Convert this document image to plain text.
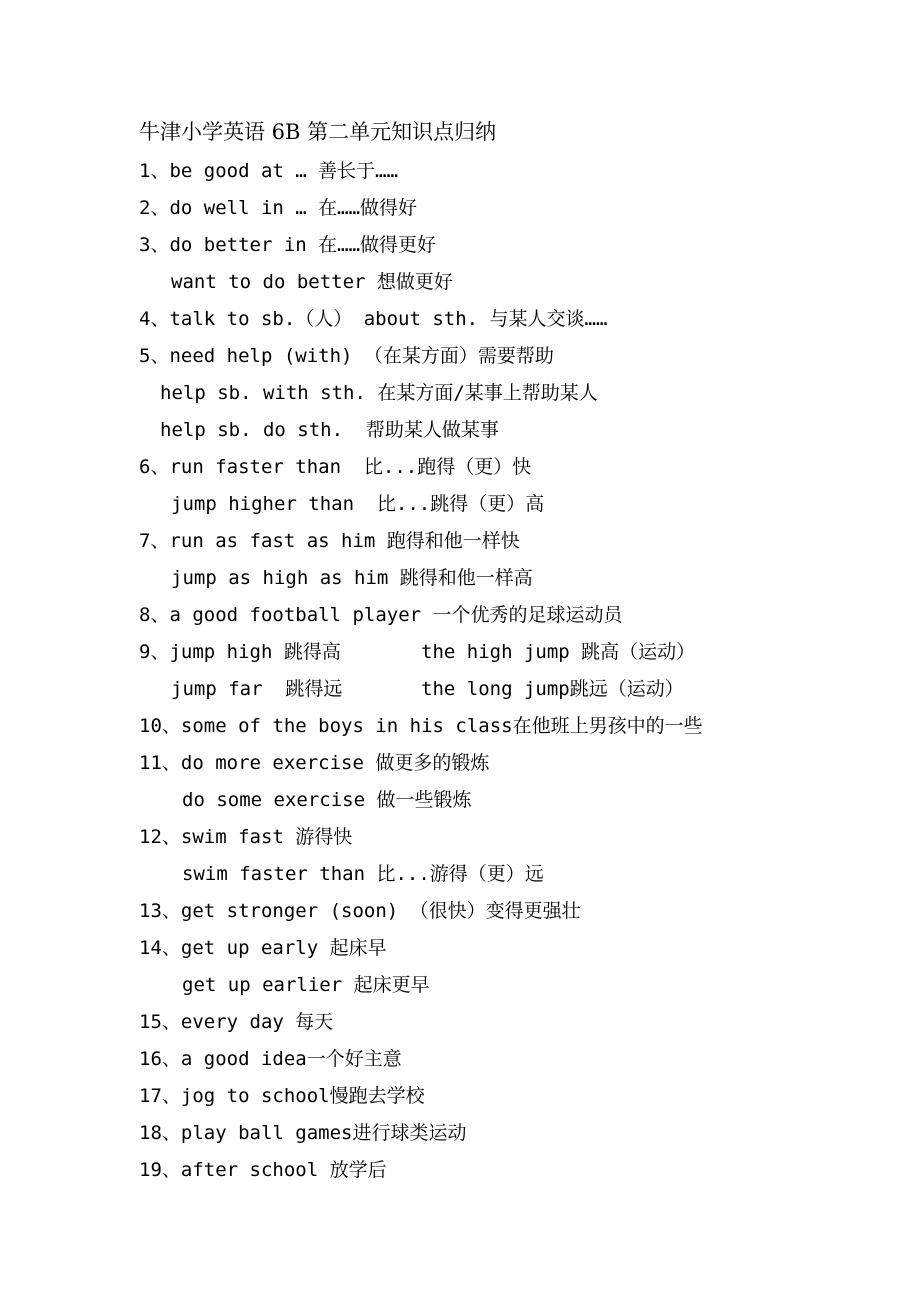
牛津小学英语 6B 第二单元知识点归纳
1、be good at … 善长于……
2、do well in … 在……做得好
3、do better in 在……做得更好
want to do better 想做更好
4、talk to sb.（人） about sth. 与某人交谈……
5、need help (with) （在某方面）需要帮助
help sb. with sth. 在某方面/某事上帮助某人
help sb. do sth.  帮助某人做某事
6、run faster than  比...跑得（更）快
jump higher than  比...跳得（更）高
7、run as fast as him 跑得和他一样快
jump as high as him 跳得和他一样高
8、a good football player 一个优秀的足球运动员
9、jump high 跳得高	the high jump 跳高（运动）
jump far  跳得远	the long jump跳远（运动）
10、some of the boys in his class在他班上男孩中的一些
11、do more exercise 做更多的锻炼
do some exercise 做一些锻炼
12、swim fast 游得快
swim faster than 比...游得（更）远
13、get stronger (soon) （很快）变得更强壮
14、get up early 起床早
get up earlier 起床更早
15、every day 每天
16、a good idea一个好主意
17、jog to school慢跑去学校
18、play ball games进行球类运动
19、after school 放学后
